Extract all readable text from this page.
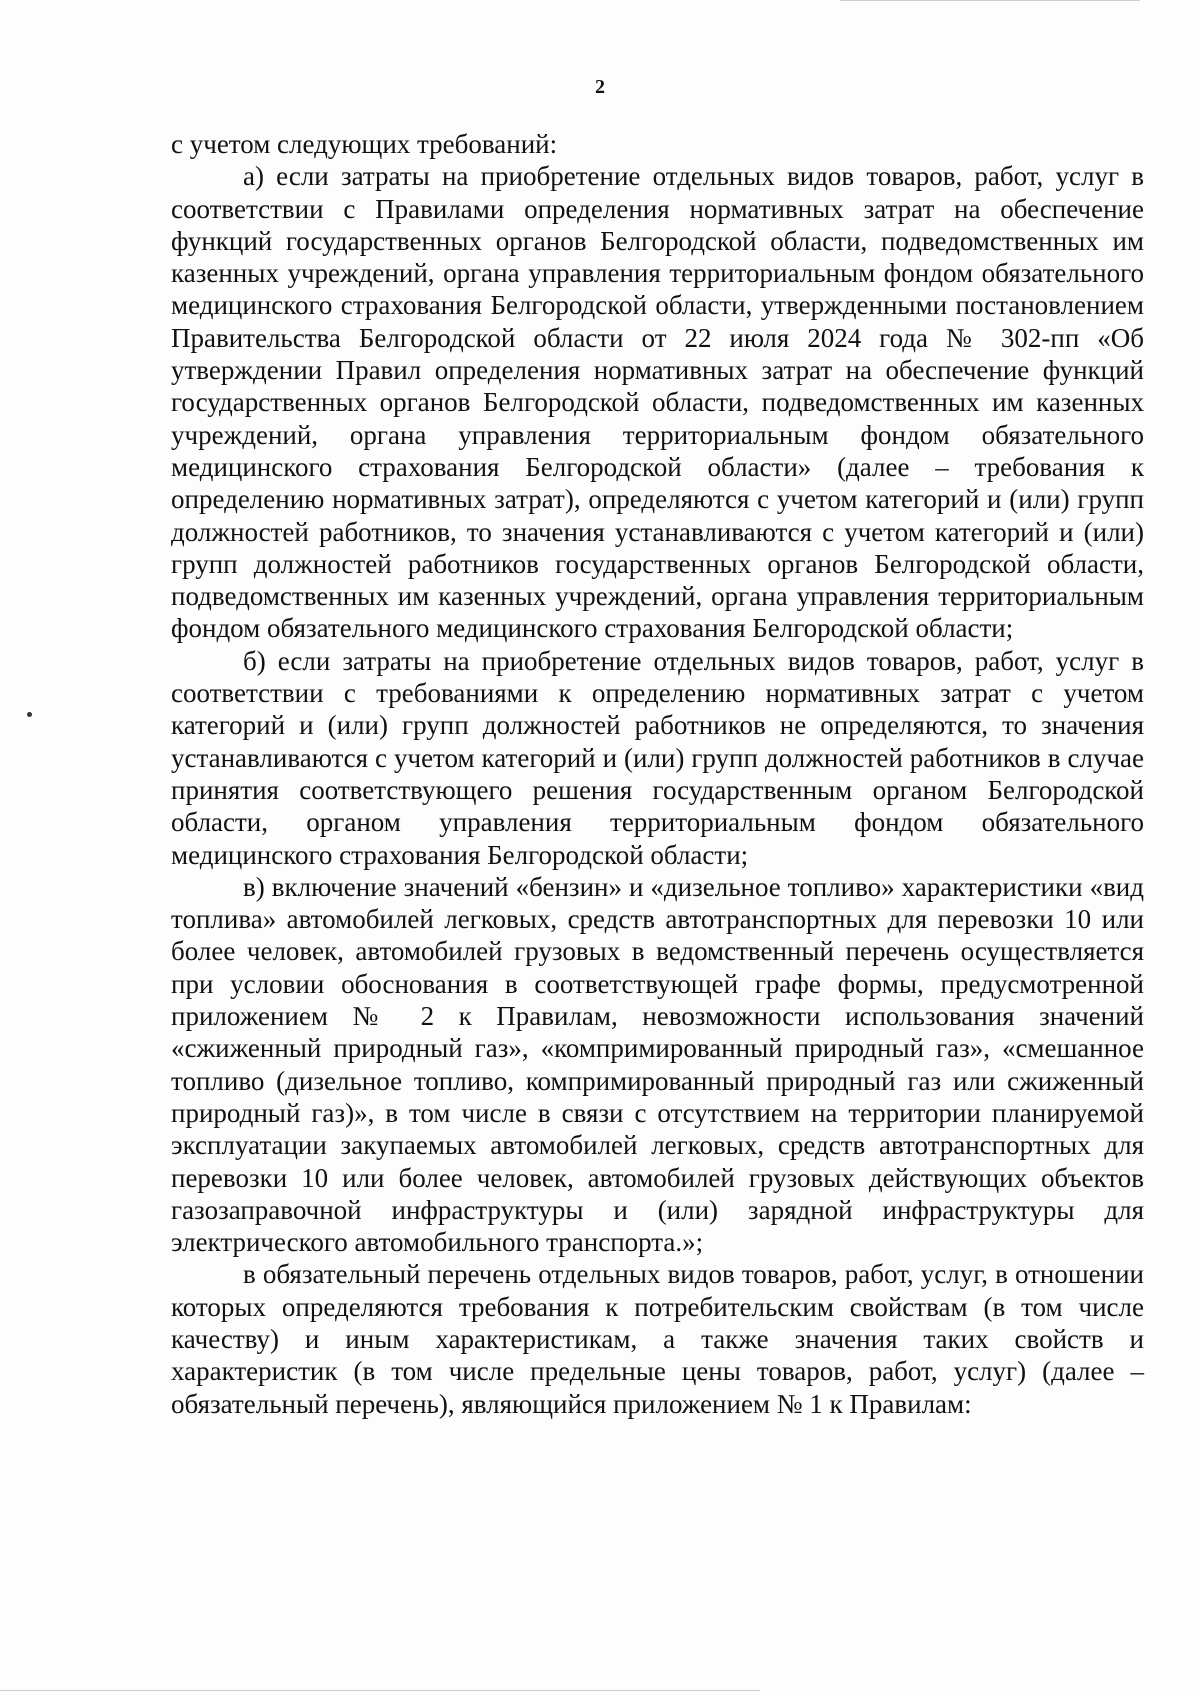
2

с учетом следующих требований:

а) если затраты на приобретение отдельных видов товаров, работ, услуг в соответствии с Правилами определения нормативных затрат на обеспечение функций государственных органов Белгородской области, подведомственных им казенных учреждений, органа управления территориальным фондом обязательного медицинского страхования Белгородской области, утвержденными постановлением Правительства Белгородской области от 22 июля 2024 года № 302-пп «Об утверждении Правил определения нормативных затрат на обеспечение функций государственных органов Белгородской области, подведомственных им казенных учреждений, органа управления территориальным фондом обязательного медицинского страхования Белгородской области» (далее – требования к определению нормативных затрат), определяются с учетом категорий и (или) групп должностей работников, то значения устанавливаются с учетом категорий и (или) групп должностей работников государственных органов Белгородской области, подведомственных им казенных учреждений, органа управления территориальным фондом обязательного медицинского страхования Белгородской области;

б) если затраты на приобретение отдельных видов товаров, работ, услуг в соответствии с требованиями к определению нормативных затрат с учетом категорий и (или) групп должностей работников не определяются, то значения устанавливаются с учетом категорий и (или) групп должностей работников в случае принятия соответствующего решения государственным органом Белгородской области, органом управления территориальным фондом обязательного медицинского страхования Белгородской области;

в) включение значений «бензин» и «дизельное топливо» характеристики «вид топлива» автомобилей легковых, средств автотранспортных для перевозки 10 или более человек, автомобилей грузовых в ведомственный перечень осуществляется при условии обоснования в соответствующей графе формы, предусмотренной приложением № 2 к Правилам, невозможности использования значений «сжиженный природный газ», «компримированный природный газ», «смешанное топливо (дизельное топливо, компримированный природный газ или сжиженный природный газ)», в том числе в связи с отсутствием на территории планируемой эксплуатации закупаемых автомобилей легковых, средств автотранспортных для перевозки 10 или более человек, автомобилей грузовых действующих объектов газозаправочной инфраструктуры и (или) зарядной инфраструктуры для электрического автомобильного транспорта.»;

в обязательный перечень отдельных видов товаров, работ, услуг, в отношении которых определяются требования к потребительским свойствам (в том числе качеству) и иным характеристикам, а также значения таких свойств и характеристик (в том числе предельные цены товаров, работ, услуг) (далее – обязательный перечень), являющийся приложением № 1 к Правилам:
